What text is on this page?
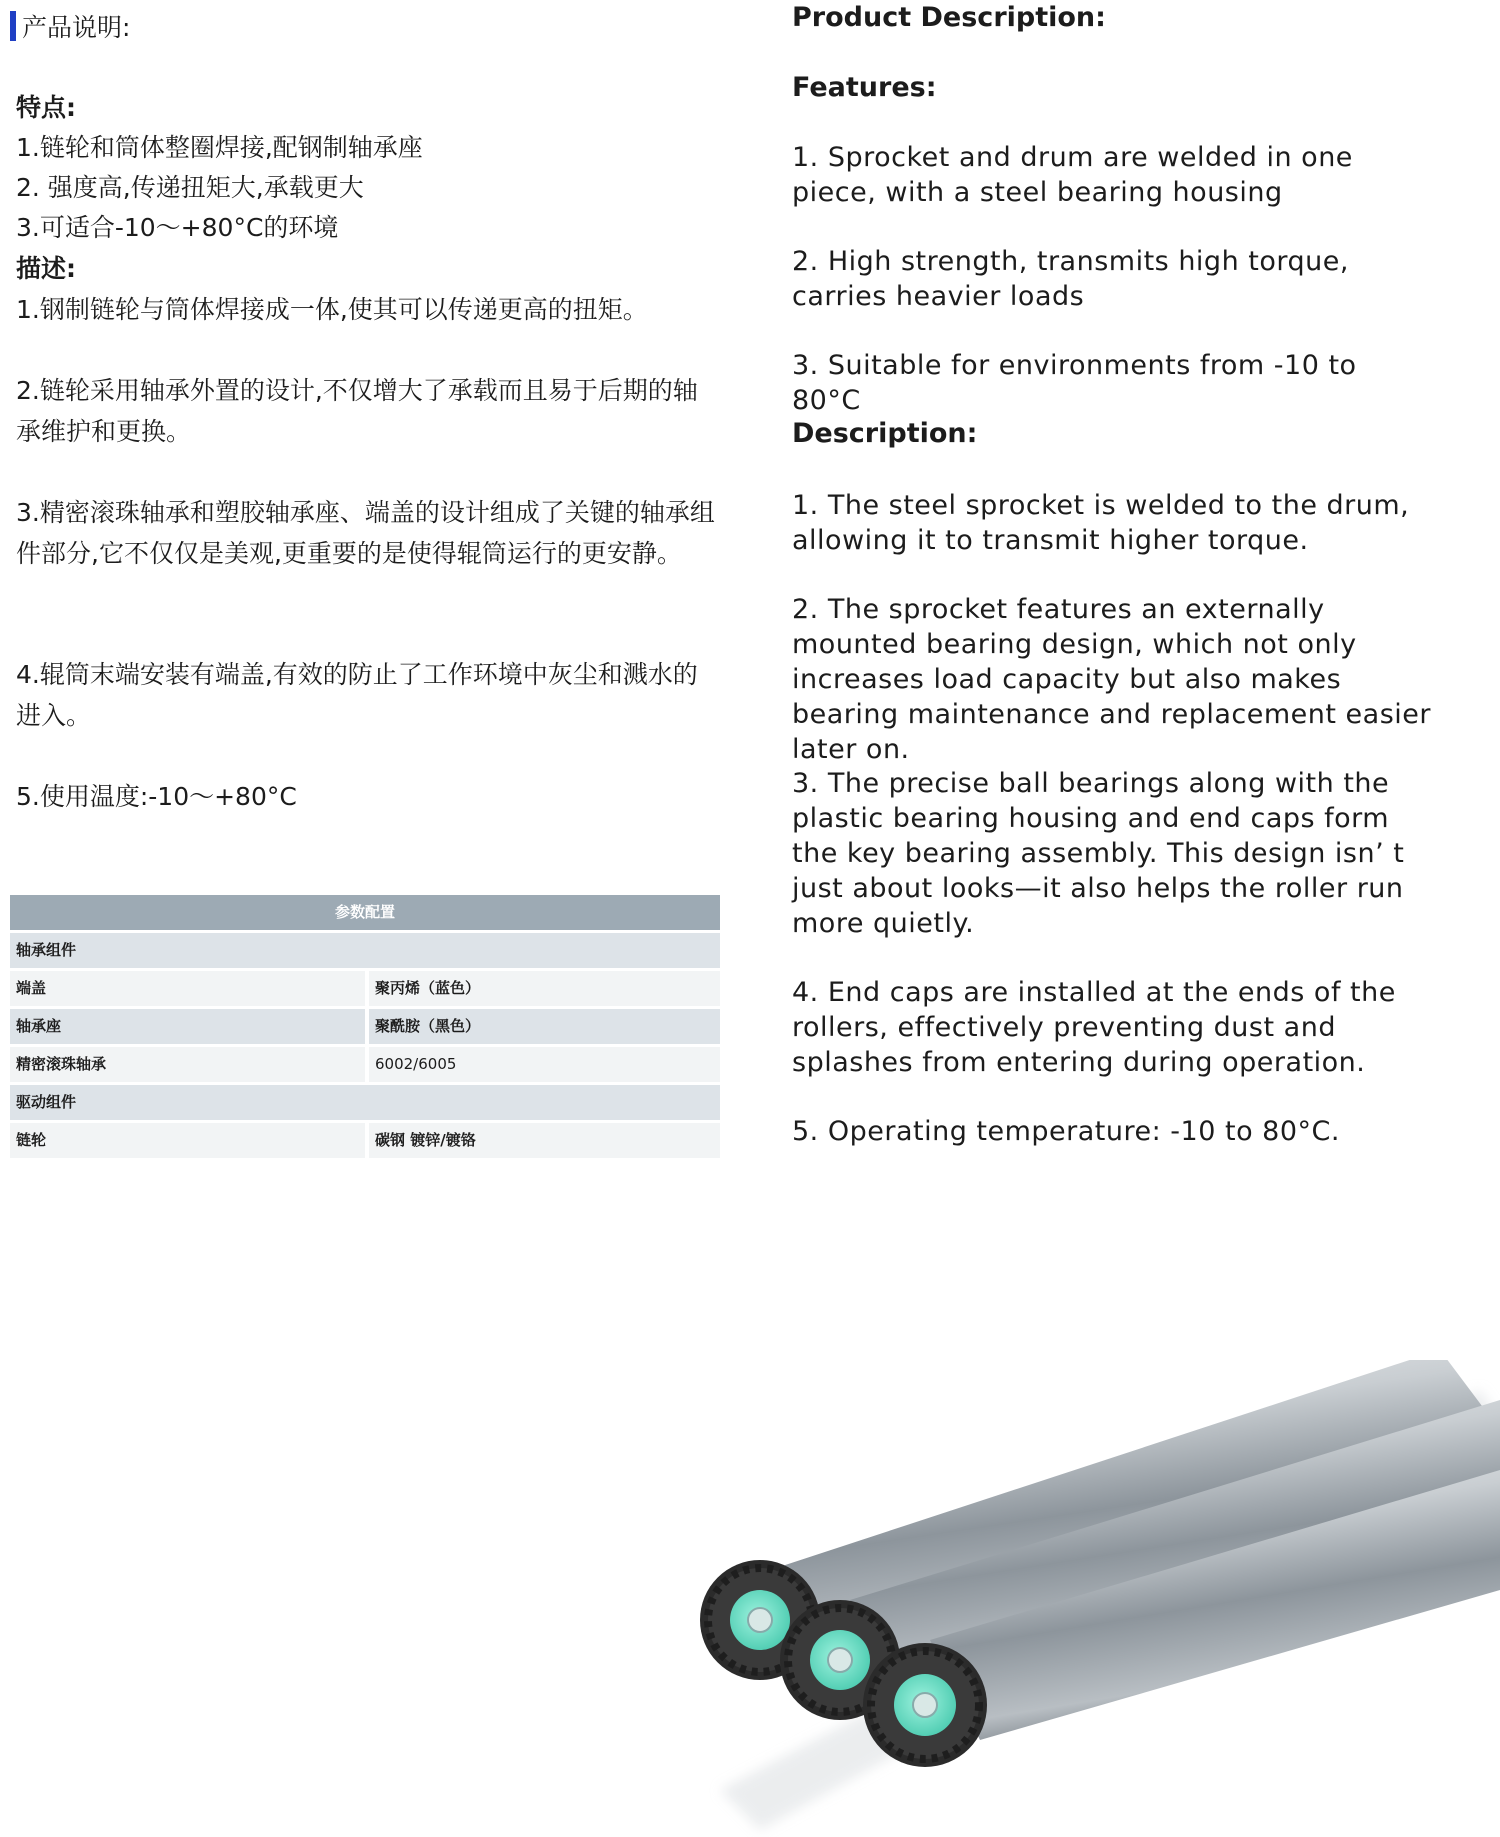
产品说明:
特点:
1.链轮和筒体整圈焊接,配钢制轴承座
2. 强度高,传递扭矩大,承载更大
3.可适合-10～+80°C的环境
描述:
1.钢制链轮与筒体焊接成一体,使其可以传递更高的扭矩。
2.链轮采用轴承外置的设计,不仅增大了承载而且易于后期的轴承维护和更换。
3.精密滚珠轴承和塑胶轴承座、端盖的设计组成了关键的轴承组件部分,它不仅仅是美观,更重要的是使得辊筒运行的更安静。
4.辊筒末端安装有端盖,有效的防止了工作环境中灰尘和溅水的进入。
5.使用温度:-10～+80°C
参数配置
轴承组件
端盖	聚丙烯（蓝色）
轴承座	聚酰胺（黑色）
精密滚珠轴承	6002/6005
驱动组件
链轮	碳钢 镀锌/镀铬
Product Description:
Features:
1. Sprocket and drum are welded in one piece, with a steel bearing housing
2. High strength, transmits high torque, carries heavier loads
3. Suitable for environments from -10 to 80°C
Description:
1. The steel sprocket is welded to the drum, allowing it to transmit higher torque.
2. The sprocket features an externally mounted bearing design, which not only increases load capacity but also makes bearing maintenance and replacement easier later on.
3. The precise ball bearings along with the plastic bearing housing and end caps form the key bearing assembly. This design isn’ t just about looks—it also helps the roller run more quietly.
4. End caps are installed at the ends of the rollers, effectively preventing dust and splashes from entering during operation.
5. Operating temperature: -10 to 80°C.
